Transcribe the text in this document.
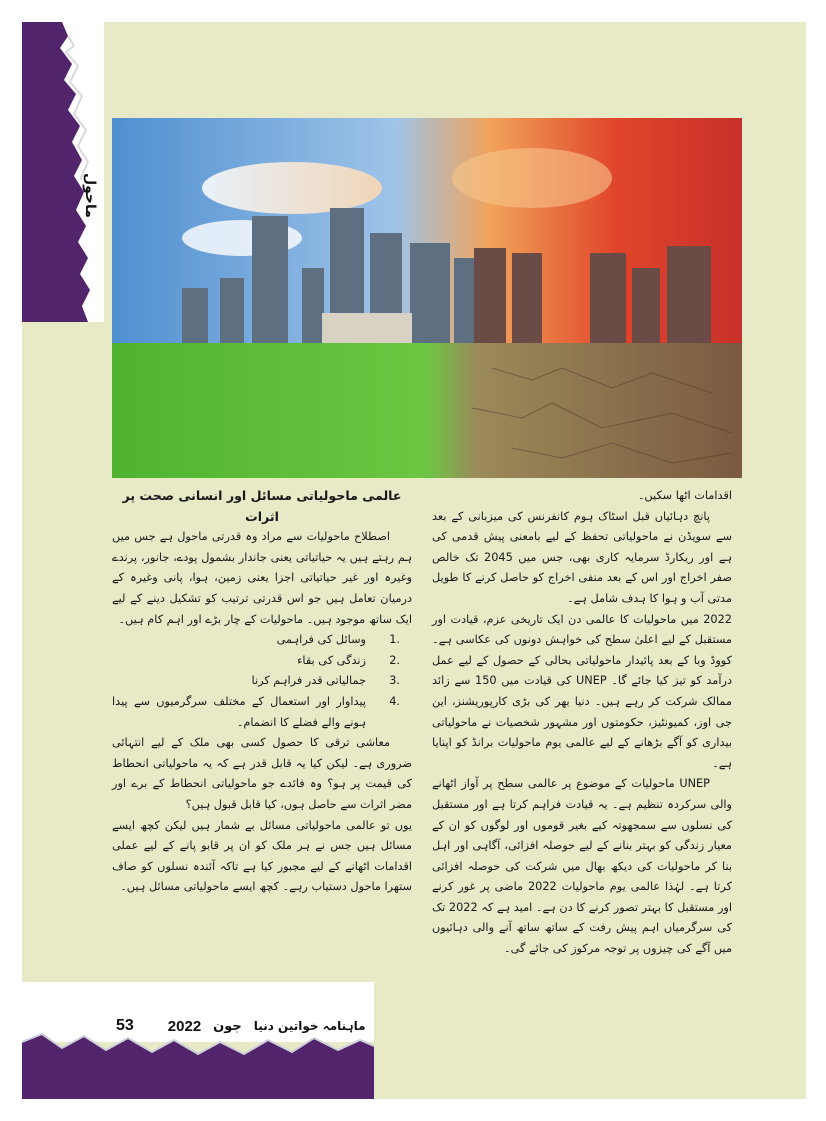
ماحول

اقدامات اٹھا سکیں۔

پانچ دہائیاں قبل اسٹاک ہوم کانفرنس کی میزبانی کے بعد سے سویڈن نے ماحولیاتی تحفظ کے لیے بامعنی پیش قدمی کی ہے اور ریکارڈ سرمایہ کاری بھی، جس میں 2045 تک خالص صفر اخراج اور اس کے بعد منفی اخراج کو حاصل کرنے کا طویل مدتی آب و ہوا کا ہدف شامل ہے۔

2022 میں ماحولیات کا عالمی دن ایک تاریخی عزم، قیادت اور مستقبل کے لیے اعلیٰ سطح کی خواہش دونوں کی عکاسی ہے۔ کووڈ وبا کے بعد پائیدار ماحولیاتی بحالی کے حصول کے لیے عمل درآمد کو تیز کیا جائے گا۔ UNEP کی قیادت میں 150 سے زائد ممالک شرکت کر رہے ہیں۔ دنیا بھر کی بڑی کارپوریشنز، این جی اوز، کمیونٹیز، حکومتوں اور مشہور شخصیات نے ماحولیاتی بیداری کو آگے بڑھانے کے لیے عالمی یوم ماحولیات برانڈ کو اپنایا ہے۔

UNEP ماحولیات کے موضوع پر عالمی سطح پر آواز اٹھانے والی سرکردہ تنظیم ہے۔ یہ قیادت فراہم کرتا ہے اور مستقبل کی نسلوں سے سمجھوتہ کیے بغیر قوموں اور لوگوں کو ان کے معیار زندگی کو بہتر بنانے کے لیے حوصلہ افزائی، آگاہی اور اہل بنا کر ماحولیات کی دیکھ بھال میں شرکت کی حوصلہ افزائی کرتا ہے۔ لہٰذا عالمی یوم ماحولیات 2022 ماضی پر غور کرنے اور مستقبل کا بہتر تصور کرنے کا دن ہے۔ امید ہے کہ 2022 تک کی سرگرمیاں اہم پیش رفت کے ساتھ ساتھ آنے والی دہائیوں میں آگے کی چیزوں پر توجہ مرکوز کی جائے گی۔

عالمی ماحولیاتی مسائل اور انسانی صحت پر اثرات

اصطلاح ماحولیات سے مراد وہ قدرتی ماحول ہے جس میں ہم رہتے ہیں یہ حیاتیاتی یعنی جاندار بشمول پودے، جانور، پرندے وغیرہ اور غیر حیاتیاتی اجزا یعنی زمین، ہوا، پانی وغیرہ کے درمیان تعامل ہیں جو اس قدرتی ترتیب کو تشکیل دینے کے لیے ایک ساتھ موجود ہیں۔ ماحولیات کے چار بڑے اور اہم کام ہیں۔

1.
وسائل کی فراہمی
2.
زندگی کی بقاء
3.
جمالیاتی قدر فراہم کرنا
4.
پیداوار اور استعمال کے مختلف سرگرمیوں سے پیدا ہونے والے فضلے کا انضمام۔

معاشی ترقی کا حصول کسی بھی ملک کے لیے انتہائی ضروری ہے۔ لیکن کیا یہ قابل قدر ہے کہ یہ ماحولیاتی انحطاط کی قیمت پر ہو؟ وہ فائدے جو ماحولیاتی انحطاط کے برے اور مضر اثرات سے حاصل ہوں، کیا قابل قبول ہیں؟

یوں تو عالمی ماحولیاتی مسائل بے شمار ہیں لیکن کچھ ایسے مسائل ہیں جس نے ہر ملک کو ان پر قابو پانے کے لیے عملی اقدامات اٹھانے کے لیے مجبور کیا ہے تاکہ آئندہ نسلوں کو صاف ستھرا ماحول دستیاب رہے۔ کچھ ایسے ماحولیاتی مسائل ہیں۔

53 2022 جون ماہنامہ خواتین دنیا
